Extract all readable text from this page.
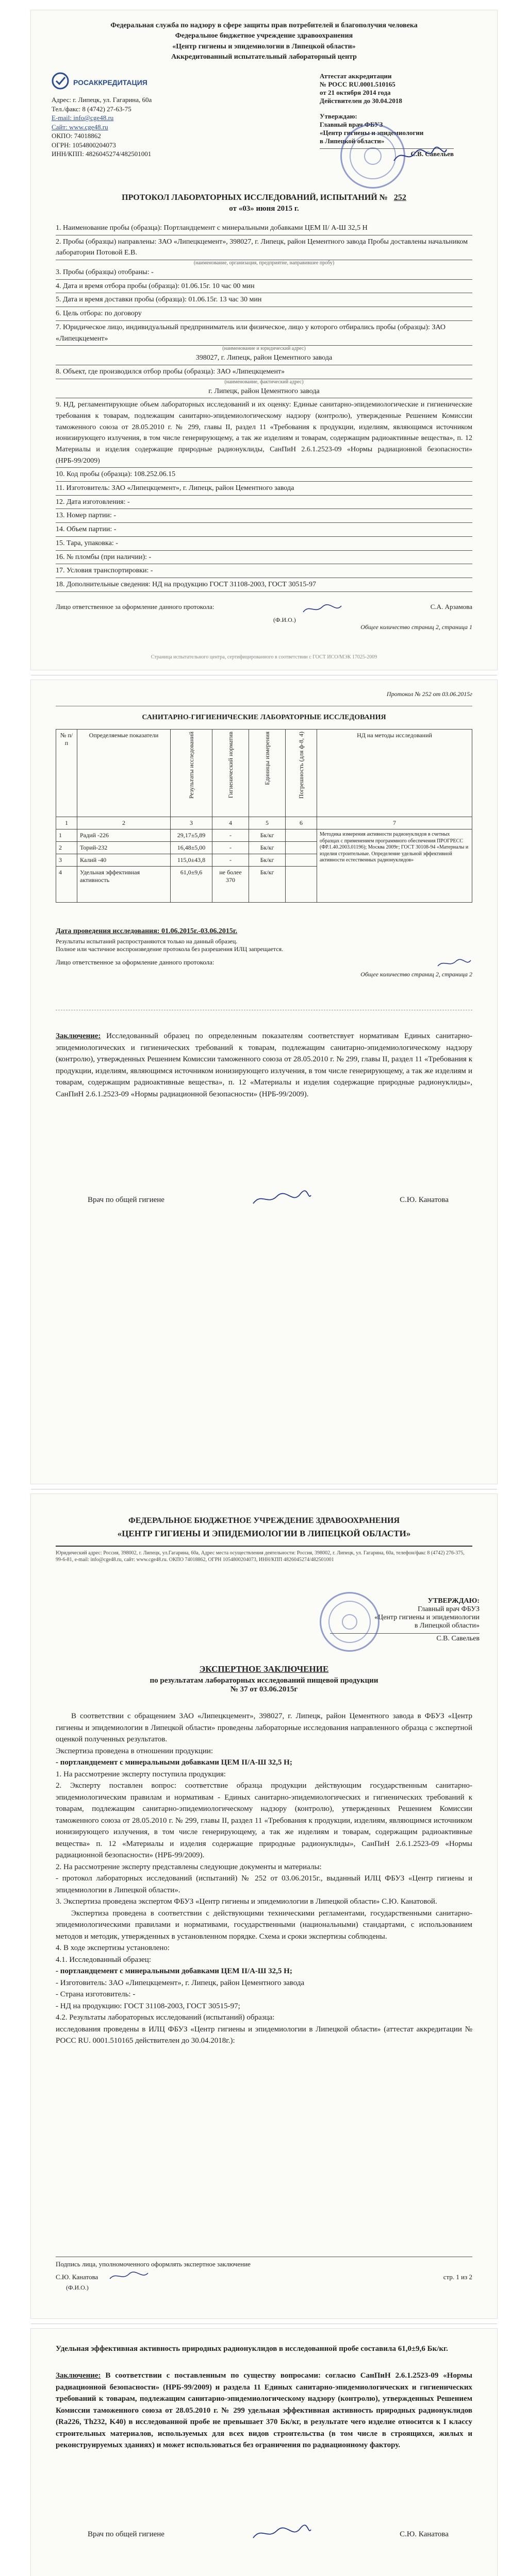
Федеральная служба по надзору в сфере защиты прав потребителей и благополучия человека
Федеральное бюджетное учреждение здравоохранения
«Центр гигиены и эпидемиологии в Липецкой области»
Аккредитованный испытательный лабораторный центр
РОСАККРЕДИТАЦИЯ
Адрес: г. Липецк, ул. Гагарина, 60а
Тел./факс: 8 (4742) 27-63-75
E-mail: info@cge48.ru
Сайт: www.cge48.ru
ОКПО: 74018862
ОГРН: 1054800204073
ИНН/КПП: 4826045274/482501001
Аттестат аккредитации
№ РОСС RU.0001.510165
от 21 октября 2014 года
Действителен до 30.04.2018
Утверждаю:
Главный врач ФБУЗ
«Центр гигиены и эпидемиологии
в Липецкой области»
С.В. Савельев
ПРОТОКОЛ ЛАБОРАТОРНЫХ ИССЛЕДОВАНИЙ, ИСПЫТАНИЙ № 252
от «03» июня 2015 г.
1. Наименование пробы (образца): Портландцемент с минеральными добавками ЦЕМ II/ А-Ш 32,5 Н
2. Пробы (образцы) направлены: ЗАО «Липецкцемент», 398027, г. Липецк, район Цементного завода Пробы доставлены начальником лаборатории Потовой Е.В.
(наименование, организация, предприятие, направившее пробу)
3. Пробы (образцы) отобраны: -
4. Дата и время отбора пробы (образца): 01.06.15г. 10 час 00 мин
5. Дата и время доставки пробы (образца): 01.06.15г. 13 час 30 мин
6. Цель отбора: по договору
7. Юридическое лицо, индивидуальный предприниматель или физическое, лицо у которого отбирались пробы (образцы): ЗАО «Липецкцемент»
(наименование и юридический адрес)
398027, г. Липецк, район Цементного завода
8. Объект, где производился отбор пробы (образца): ЗАО «Липецкцемент»
(наименование, фактический адрес)
г. Липецк, район Цементного завода
9. НД, регламентирующие объем лабораторных исследований и их оценку: Единые санитарно-эпидемиологические и гигиенические требования к товарам, подлежащим санитарно-эпидемиологическому надзору (контролю), утвержденные Решением Комиссии таможенного союза от 28.05.2010 г. № 299, главы II, раздел 11 «Требования к продукции, изделиям, являющимся источником ионизирующего излучения, в том числе генерирующему, а так же изделиям и товарам, содержащим радиоактивные вещества», п. 12 Материалы и изделия содержащие природные радионуклиды, СанПиН 2.6.1.2523-09 «Нормы радиационной безопасности» (НРБ-99/2009)
10. Код пробы (образца): 108.252.06.15
11. Изготовитель: ЗАО «Липецкцемент», г. Липецк, район Цементного завода
12. Дата изготовления: -
13. Номер партии: -
14. Объем партии: -
15. Тара, упаковка: -
16. № пломбы (при наличии): -
17. Условия транспортировки: -
18. Дополнительные сведения: НД на продукцию ГОСТ 31108-2003, ГОСТ 30515-97
Лицо ответственное за оформление данного протокола:	С.А. Арзамова
(Ф.И.О.)
Общее количество страниц 2, страница 1
Страница испытательного центра, сертифицированного в соответствии с ГОСТ ИСО/МЭК 17025-2009
Протокол № 252 от 03.06.2015г
САНИТАРНО-ГИГИЕНИЧЕСКИЕ ЛАБОРАТОРНЫЕ ИССЛЕДОВАНИЯ
№ п/п	Определяемые показатели	Результаты исследований	Гигиенический норматив	Единицы измерения	Погрешность (для ф-8, 4)	НД на методы исследований
1	2	3	4	5	6	7
1	Радий -226	29,17±5,89	-	Бк/кг		Методика измерения активности радионуклидов в счетных образцах с применением программного обеспечения ПРОГРЕСС (ФР.1.40.2003.01196); Москва 2009г; ГОСТ 30108-94 «Материалы и изделия строительные. Определение удельной эффективной активности естественных радионуклидов»
2	Торий-232	16,48±5,00	-	Бк/кг		
3	Калий -40	115,0±43,8	-	Бк/кг		
4	Удельная эффективная активность	61,0±9,6	не более 370	Бк/кг		
Дата проведения исследования: 01.06.2015г.-03.06.2015г.
Результаты испытаний распространяются только на данный образец.
Полное или частичное воспроизведение протокола без разрешения ИЛЦ запрещается.
Лицо ответственное за оформление данного протокола:
Общее количество страниц 2, страница 2
Заключение: Исследованный образец по определенным показателям соответствует нормативам Единых санитарно-эпидемиологических и гигиенических требований к товарам, подлежащим санитарно-эпидемиологическому надзору (контролю), утвержденных Решением Комиссии таможенного союза от 28.05.2010 г. № 299, главы II, раздел 11 «Требования к продукции, изделиям, являющимся источником ионизирующего излучения, в том числе генерирующему, а так же изделиям и товарам, содержащим радиоактивные вещества», п. 12 «Материалы и изделия содержащие природные радионуклиды», СанПиН 2.6.1.2523-09 «Нормы радиационной безопасности» (НРБ-99/2009).
Врач по общей гигиене	С.Ю. Канатова
ФЕДЕРАЛЬНОЕ БЮДЖЕТНОЕ УЧРЕЖДЕНИЕ ЗДРАВООХРАНЕНИЯ
«ЦЕНТР ГИГИЕНЫ И ЭПИДЕМИОЛОГИИ В ЛИПЕЦКОЙ ОБЛАСТИ»
Юридический адрес: Россия, 398002, г. Липецк, ул.Гагарина, 60а, Адрес места осуществления деятельности: Россия, 398002, г. Липецк, ул. Гагарина, 60а, телефон/факс 8 (4742) 276-375, 99-6-81, e-mail: info@cge48.ru, сайт: www.cge48.ru. ОКПО 74018862, ОГРН 1054800204073, ИНН/КПП 4826045274/482501001
УТВЕРЖДАЮ:
Главный врач ФБУЗ
«Центр гигиены и эпидемиологии
в Липецкой области»
С.В. Савельев
ЭКСПЕРТНОЕ ЗАКЛЮЧЕНИЕ
по результатам лабораторных исследований пищевой продукции
№ 37 от 03.06.2015г

В соответствии с обращением ЗАО «Липецкцемент», 398027, г. Липецк, район Цементного завода в ФБУЗ «Центр гигиены и эпидемиологии в Липецкой области» проведены лабораторные исследования направленного образца с экспертной оценкой полученных результатов.

Экспертиза проведена в отношении продукции:

- портландцемент с минеральными добавками ЦЕМ II/А-Ш 32,5 Н;

1. На рассмотрение эксперту поступила продукция:

2. Эксперту поставлен вопрос: соответствие образца продукции действующим государственным санитарно-эпидемиологическим правилам и нормативам - Единых санитарно-эпидемиологических и гигиенических требований к товарам, подлежащим санитарно-эпидемиологическому надзору (контролю), утвержденных Решением Комиссии таможенного союза от 28.05.2010 г. № 299, главы II, раздел 11 «Требования к продукции, изделиям, являющимся источником ионизирующего излучения, в том числе генерирующему, а так же изделиям и товарам, содержащим радиоактивные вещества» п. 12 «Материалы и изделия содержащие природные радионуклиды», СанПиН 2.6.1.2523-09 «Нормы радиационной безопасности» (НРБ-99/2009).

2. На рассмотрение эксперту представлены следующие документы и материалы:

- протокол лабораторных исследований (испытаний) № 252 от 03.06.2015г., выданный ИЛЦ ФБУЗ «Центр гигиены и эпидемиологии в Липецкой области».

3. Экспертиза проведена экспертом ФБУЗ «Центр гигиены и эпидемиологии в Липецкой области» С.Ю. Канатовой.

Экспертиза проведена в соответствии с действующими техническими регламентами, государственными санитарно-эпидемиологическими правилами и нормативами, государственными (национальными) стандартами, с использованием методов и методик, утвержденных в установленном порядке. Схема и сроки экспертизы соблюдены.

4. В ходе экспертизы установлено:

4.1. Исследованный образец:

- портландцемент с минеральными добавками ЦЕМ II/А-Ш 32,5 Н;

- Изготовитель: ЗАО «Липецкцемент», г. Липецк, район Цементного завода

- Страна изготовитель: -

- НД на продукцию: ГОСТ 31108-2003, ГОСТ 30515-97;

4.2. Результаты лабораторных исследований (испытаний) образца:

исследования проведены в ИЛЦ ФБУЗ «Центр гигиены и эпидемиологии в Липецкой области» (аттестат аккредитации № РОСС RU. 0001.510165 действителен до 30.04.2018г.):

Подпись лица, уполномоченного оформлять экспертное заключение
С.Ю. Канатова	стр. 1 из 2
(Ф.И.О.)
Удельная эффективная активность природных радионуклидов в исследованной пробе составила 61,0±9,6 Бк/кг.
Заключение: В соответствии с поставленным по существу вопросами: согласно СанПиН 2.6.1.2523-09 «Нормы радиационной безопасности» (НРБ-99/2009) и раздела 11 Единых санитарно-эпидемиологических и гигиенических требований к товарам, подлежащим санитарно-эпидемиологическому надзору (контролю), утвержденных Решением Комиссии таможенного союза от 28.05.2010 г. № 299 удельная эффективная активность природных радионуклидов (Ra226, Th232, K40) в исследованной пробе не превышает 370 Бк/кг, в результате чего изделие относится к I классу строительных материалов, используемых для всех видов строительства (в том числе в строящихся, жилых и реконструируемых зданиях) и может использоваться без ограничения по радиационному фактору.
Врач по общей гигиене	С.Ю. Канатова
